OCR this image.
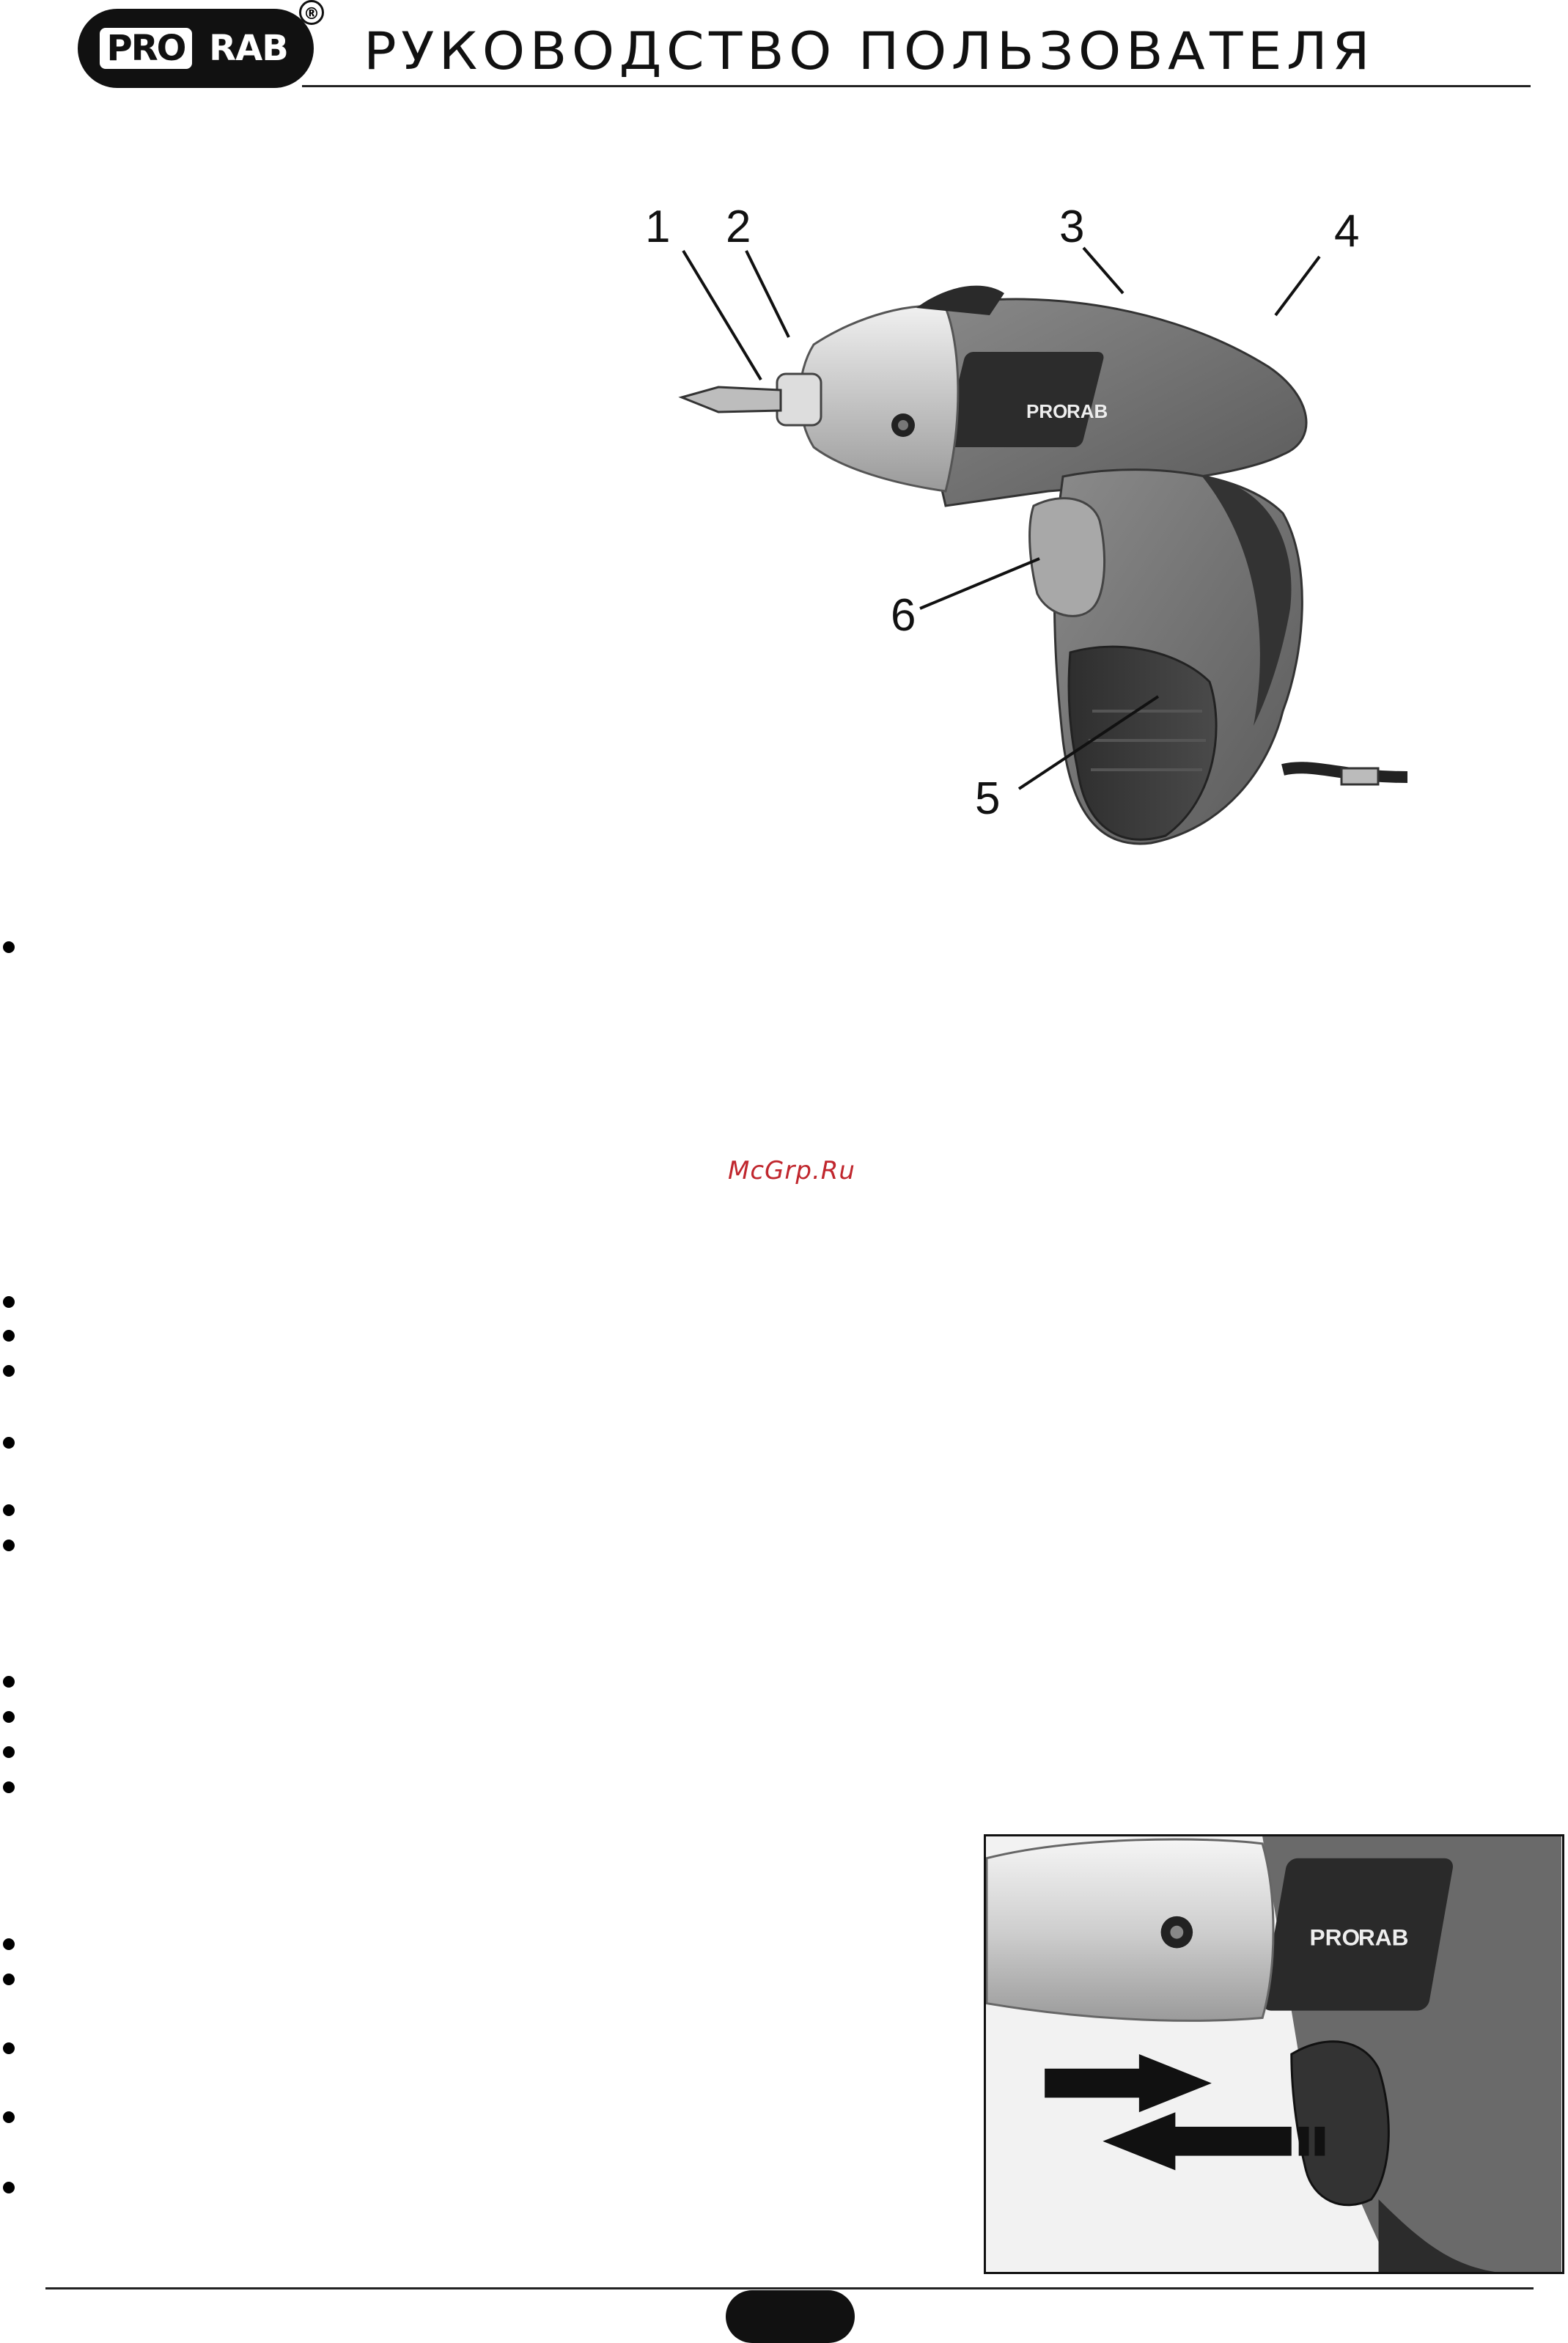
PRO RAB
®
РУКОВОДСТВО ПОЛЬЗОВАТЕЛЯ
PRO
RAB
1 2	3	4
6
5
McGrp.Ru
PRO
RAB
